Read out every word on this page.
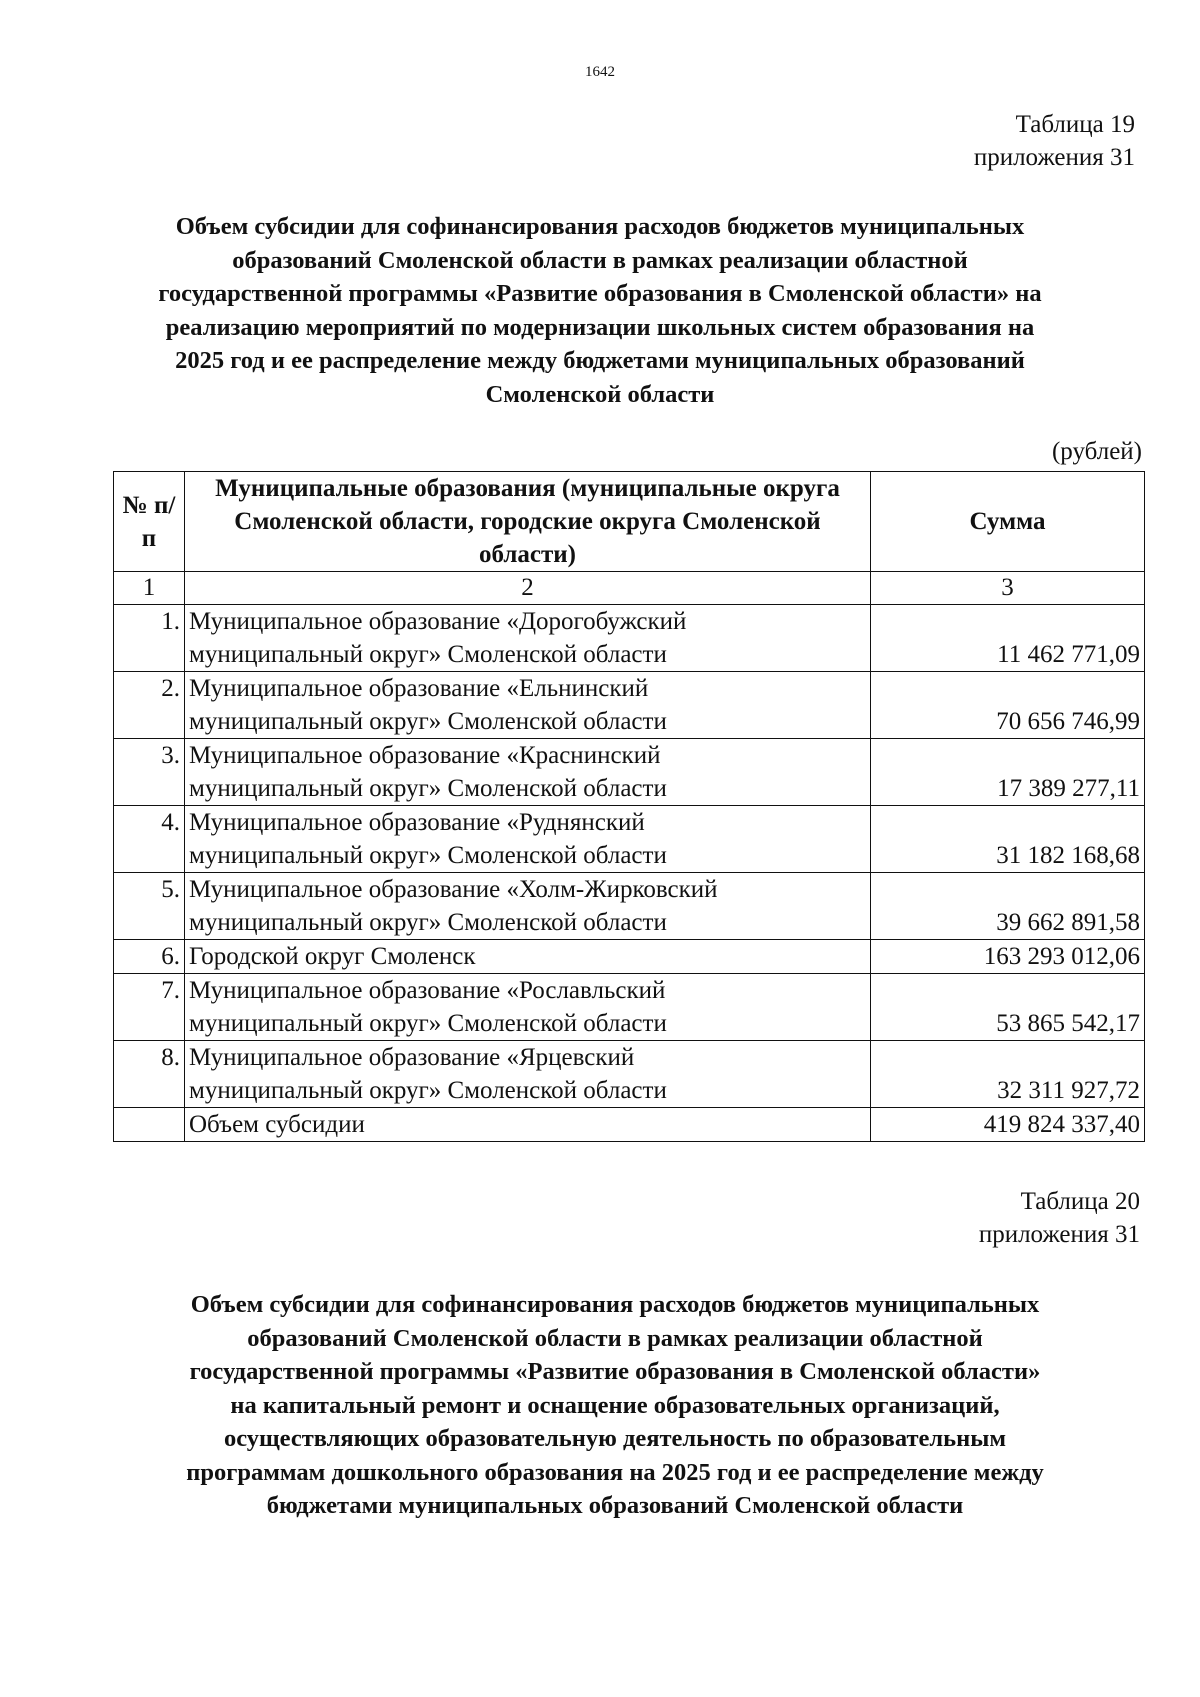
1642
Таблица 19
приложения 31
Объем субсидии для софинансирования расходов бюджетов муниципальных
образований Смоленской области в рамках реализации областной
государственной программы «Развитие образования в Смоленской области» на
реализацию мероприятий по модернизации школьных систем образования на
2025 год и ее распределение между бюджетами муниципальных образований
Смоленской области
(рублей)
№ п/п	Муниципальные образования (муниципальные округа Смоленской области, городские округа Смоленской области)	Сумма
1	2	3
1.	Муниципальное образование «Дорогобужский
муниципальный округ» Смоленской области	11 462 771,09
2.	Муниципальное образование «Ельнинский
муниципальный округ» Смоленской области	70 656 746,99
3.	Муниципальное образование «Краснинский
муниципальный округ» Смоленской области	17 389 277,11
4.	Муниципальное образование «Руднянский
муниципальный округ» Смоленской области	31 182 168,68
5.	Муниципальное образование «Холм-Жирковский
муниципальный округ» Смоленской области	39 662 891,58
6.	Городской округ Смоленск	163 293 012,06
7.	Муниципальное образование «Рославльский
муниципальный округ» Смоленской области	53 865 542,17
8.	Муниципальное образование «Ярцевский
муниципальный округ» Смоленской области	32 311 927,72
	Объем субсидии	419 824 337,40
Таблица 20
приложения 31
Объем субсидии для софинансирования расходов бюджетов муниципальных
образований Смоленской области в рамках реализации областной
государственной программы «Развитие образования в Смоленской области»
на капитальный ремонт и оснащение образовательных организаций,
осуществляющих образовательную деятельность по образовательным
программам дошкольного образования на 2025 год и ее распределение между
бюджетами муниципальных образований Смоленской области
